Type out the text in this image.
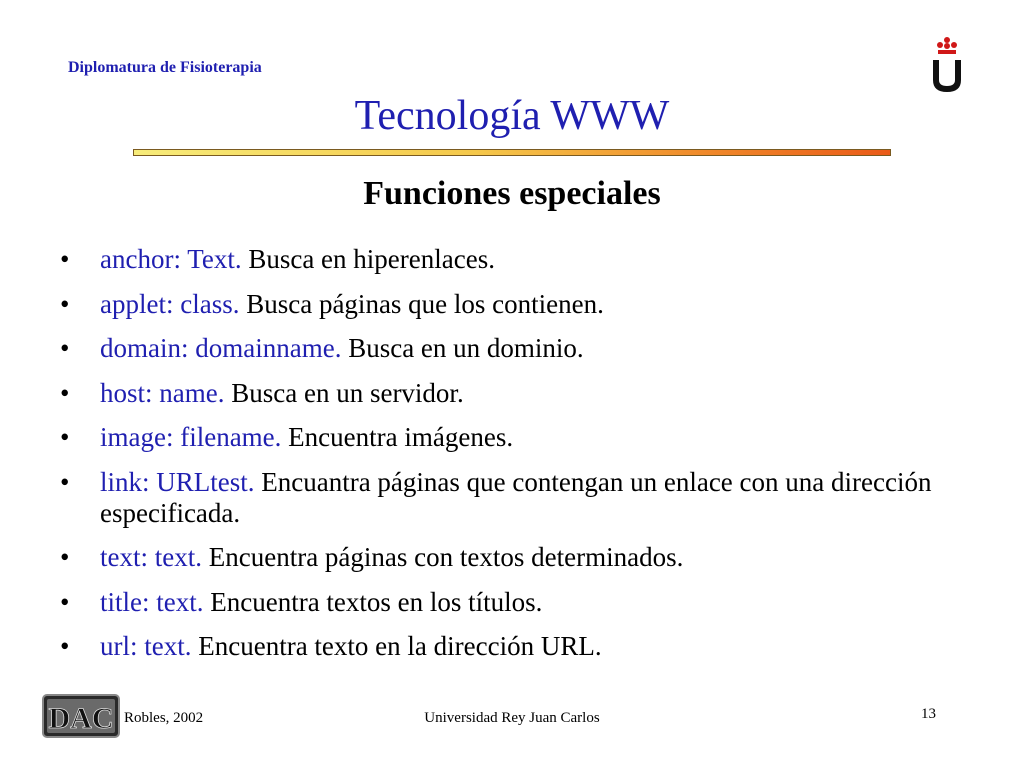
Diplomatura de Fisioterapia
Tecnología WWW
Funciones especiales
•	anchor: Text. Busca en hiperenlaces.
•	applet: class. Busca páginas que los contienen.
•	domain: domainname. Busca en un dominio.
•	host: name. Busca en un servidor.
•	image: filename. Encuentra imágenes.
•	link: URLtest. Encuantra páginas que contengan un enlace con una dirección especificada.
•	text: text. Encuentra páginas con textos determinados.
•	title: text. Encuentra textos en los títulos.
•	url: text. Encuentra texto en la dirección URL.
DAC Robles, 2002	Universidad Rey Juan Carlos	13
